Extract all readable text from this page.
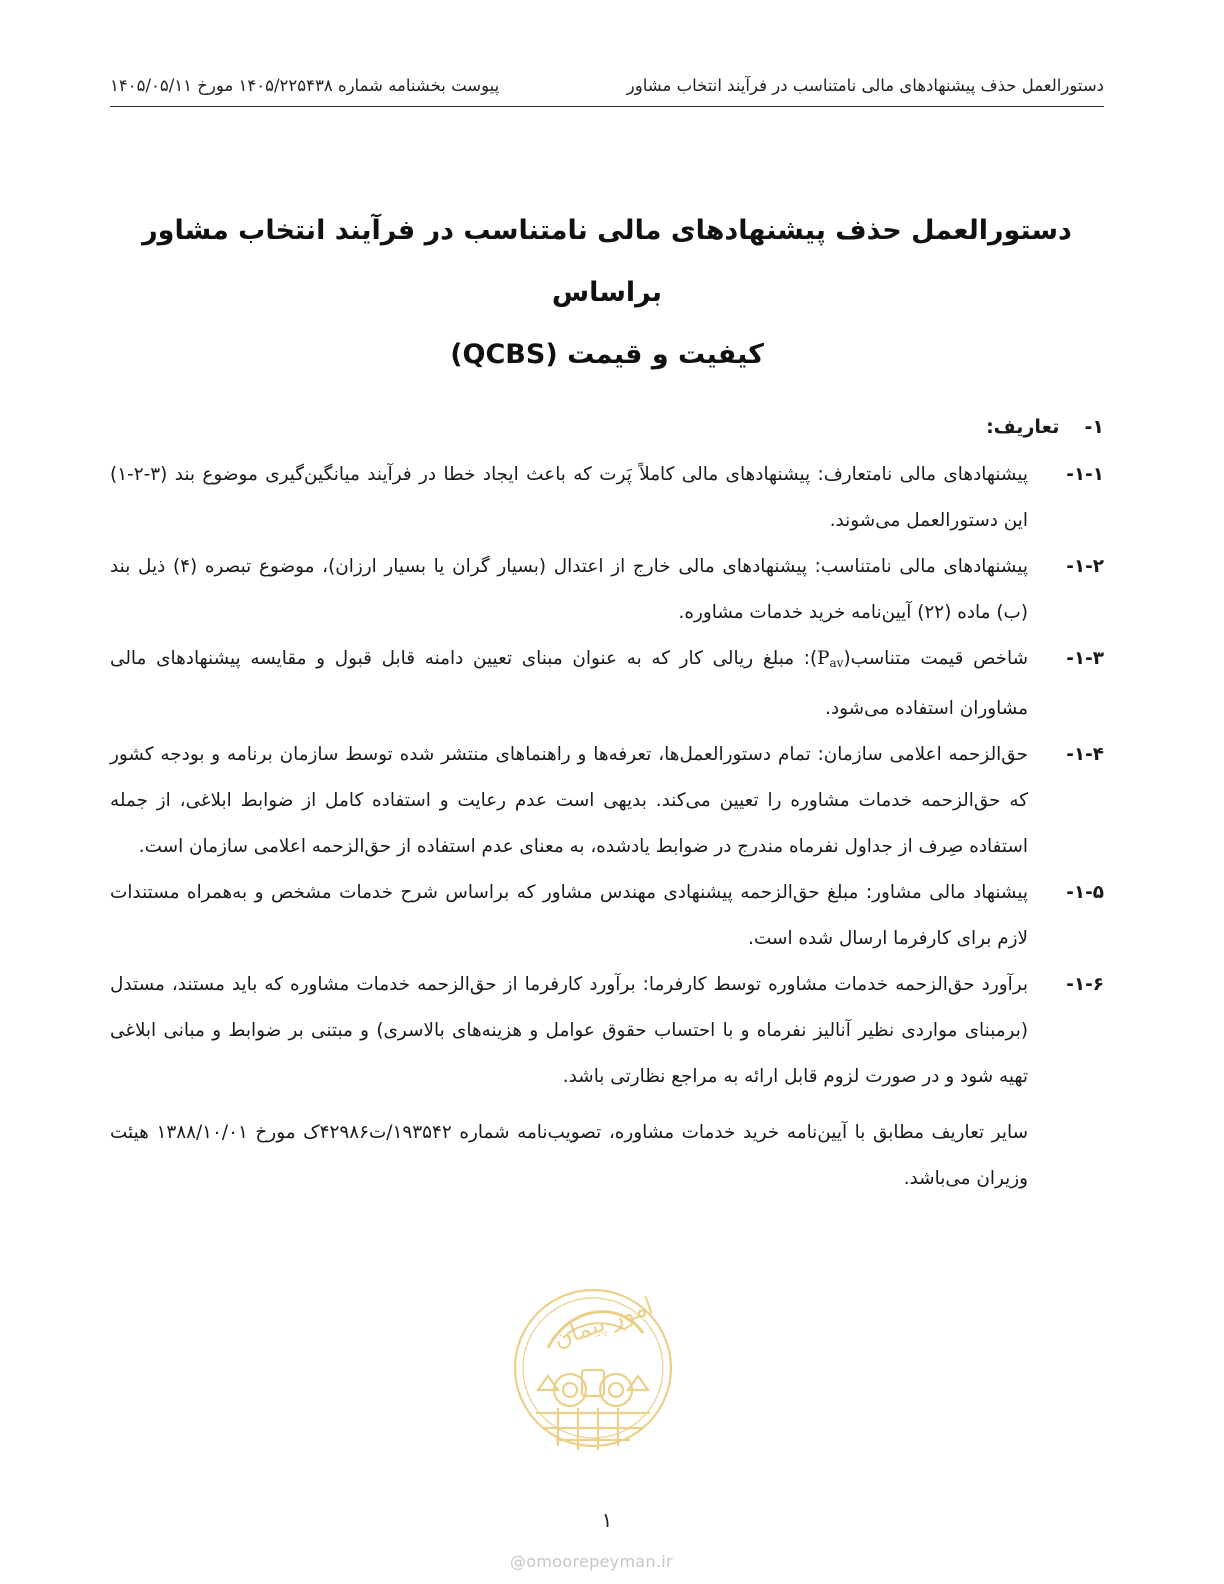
دستورالعمل حذف پیشنهادهای مالی نامتناسب در فرآیند انتخاب مشاور
پیوست بخشنامه شماره ۱۴۰۵/۲۲۵۴۳۸ مورخ ۱۴۰۵/۰۵/۱۱
دستورالعمل حذف پیشنهادهای مالی نامتناسب در فرآیند انتخاب مشاور براساس
کیفیت و قیمت (QCBS)
۱- تعاریف:
۱-۱-

پیشنهادهای مالی نامتعارف: پیشنهادهای مالی کاملاً پَرت که باعث ایجاد خطا در فرآیند میانگین‌گیری موضوع بند (۳-۲-۱) این دستورالعمل می‌شوند.

۱-۲-

پیشنهادهای مالی نامتناسب: پیشنهادهای مالی خارج از اعتدال (بسیار گران یا بسیار ارزان)، موضوع تبصره (۴) ذیل بند (ب) ماده (۲۲) آیین‌نامه خرید خدمات مشاوره.

۱-۳-

شاخص قیمت $متناسب(P_{av})$: مبلغ ریالی کار که به عنوان مبنای تعیین دامنه قابل قبول و مقایسه پیشنهادهای مالی مشاوران استفاده می‌شود.

۱-۴-

حق‌الزحمه اعلامی سازمان: تمام دستورالعمل‌ها، تعرفه‌ها و راهنماهای منتشر شده توسط سازمان برنامه و بودجه کشور که حق‌الزحمه خدمات مشاوره را تعیین می‌کند. بدیهی است عدم رعایت و استفاده کامل از ضوابط ابلاغی، از جمله استفاده صِرف از جداول نفرماه مندرج در ضوابط یادشده، به معنای عدم استفاده از حق‌الزحمه اعلامی سازمان است.

۱-۵-

پیشنهاد مالی مشاور: مبلغ حق‌الزحمه پیشنهادی مهندس مشاور که براساس شرح خدمات مشخص و به‌همراه مستندات لازم برای کارفرما ارسال شده است.

۱-۶-

برآورد حق‌الزحمه خدمات مشاوره توسط کارفرما: برآورد کارفرما از حق‌الزحمه خدمات مشاوره که باید مستند، مستدل (برمبنای مواردی نظیر آنالیز نفرماه و با احتساب حقوق عوامل و هزینه‌های بالاسری) و مبتنی بر ضوابط و مبانی ابلاغی تهیه شود و در صورت لزوم قابل ارائه به مراجع نظارتی باشد.

سایر تعاریف مطابق با آیین‌نامه خرید خدمات مشاوره، تصویب‌نامه شماره ۱۹۳۵۴۲/ت۴۲۹۸۶ک مورخ ۱۳۸۸/۱۰/۰۱ هیئت وزیران می‌باشد.

امور پیمان
۱
@omoorepeyman.ir
